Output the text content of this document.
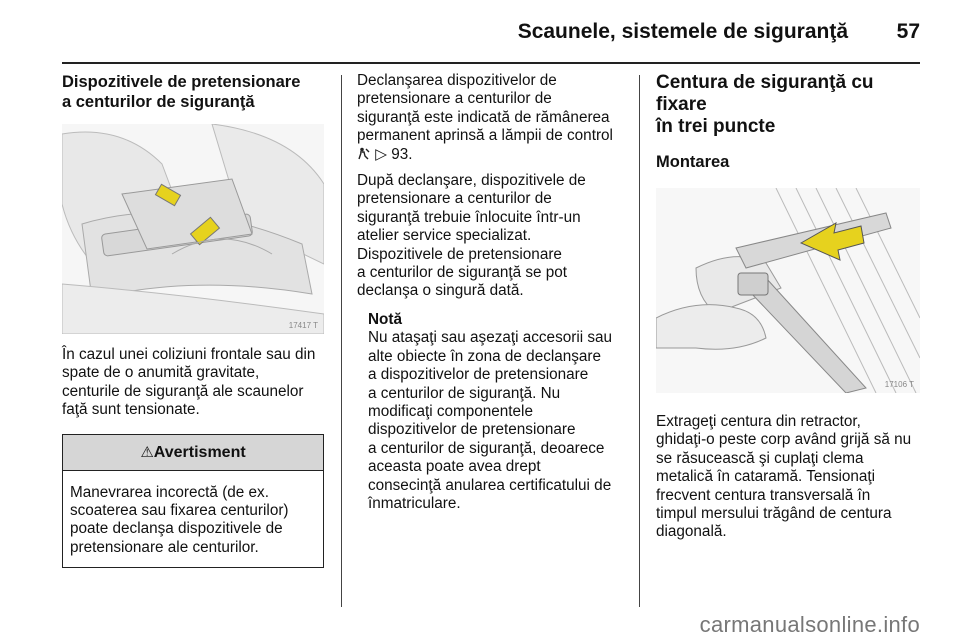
Scaunele, sistemele de siguranţă 57
Dispozitivele de pretensionare
a centurilor de siguranţă
17417 T

În cazul unei coliziuni frontale sau din

spate de o anumită gravitate,

centurile de siguranţă ale scaunelor

faţă sunt tensionate.

⚠Avertisment

Manevrarea incorectă (de ex.

scoaterea sau fixarea centurilor)

poate declanşa dispozitivele de

pretensionare ale centurilor.

Declanşarea dispozitivelor de

pretensionare a centurilor de

siguranţă este indicată de rămânerea

permanent aprinsă a lămpii de control

▷ 93.

După declanşare, dispozitivele de

pretensionare a centurilor de

siguranţă trebuie înlocuite într-un

atelier service specializat.

Dispozitivele de pretensionare

a centurilor de siguranţă se pot

declanşa o singură dată.

Notă

Nu ataşaţi sau aşezaţi accesorii sau

alte obiecte în zona de declanşare

a dispozitivelor de pretensionare

a centurilor de siguranţă. Nu

modificaţi componentele

dispozitivelor de pretensionare

a centurilor de siguranţă, deoarece

aceasta poate avea drept

consecinţă anularea certificatului de

înmatriculare.

Centura de siguranţă cu fixare
în trei puncte
Montarea
17106 T

Extrageţi centura din retractor,

ghidaţi-o peste corp având grijă să nu

se răsucească şi cuplaţi clema

metalică în cataramă. Tensionaţi

frecvent centura transversală în

timpul mersului trăgând de centura

diagonală.

carmanualsonline.info
